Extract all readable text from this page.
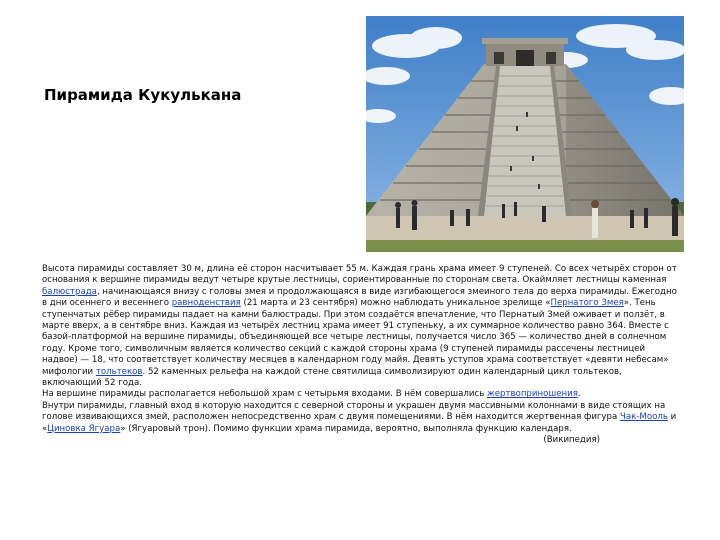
Пирамида Кукулькана

Высота пирамиды составляет 30 м, длина её сторон насчитывает 55 м. Каждая грань храма имеет 9 ступеней. Со всех четырёх сторон от основания к вершине пирамиды ведут четыре крутые лестницы, сориентированные по сторонам света. Окаймляет лестницы каменная балюстрада, начинающаяся внизу с головы змея и продолжающаяся в виде изгибающегося змеиного тела до верха пирамиды. Ежегодно в дни осеннего и весеннего равноденствия (21 марта и 23 сентября) можно наблюдать уникальное зрелище «Пернатого Змея». Тень ступенчатых рёбер пирамиды падает на камни балюстрады. При этом создаётся впечатление, что Пернатый Змей оживает и ползёт, в марте вверх, а в сентябре вниз. Каждая из четырёх лестниц храма имеет 91 ступеньку, а их суммарное количество равно 364. Вместе с базой-платформой на вершине пирамиды, объединяющей все четыре лестницы, получается число 365 — количество дней в солнечном году. Кроме того, символичным является количество секций с каждой стороны храма (9 ступеней пирамиды рассечены лестницей надвое) — 18, что соответствует количеству месяцев в календарном году майя. Девять уступов храма соответствует «девяти небесам» мифологии тольтеков. 52 каменных рельефа на каждой стене святилища символизируют один календарный цикл тольтеков, включающий 52 года.

На вершине пирамиды располагается небольшой храм с четырьмя входами. В нём совершались жертвоприношения.

Внутри пирамиды, главный вход в которую находится с северной стороны и украшен двумя массивными колоннами в виде стоящих на голове извивающихся змей, расположен непосредственно храм с двумя помещениями. В нём находится жертвенная фигура Чак-Мооль и «Циновка Ягуара» (Ягуаровый трон). Помимо функции храма пирамида, вероятно, выполняла функцию календаря.
(Википедия)
